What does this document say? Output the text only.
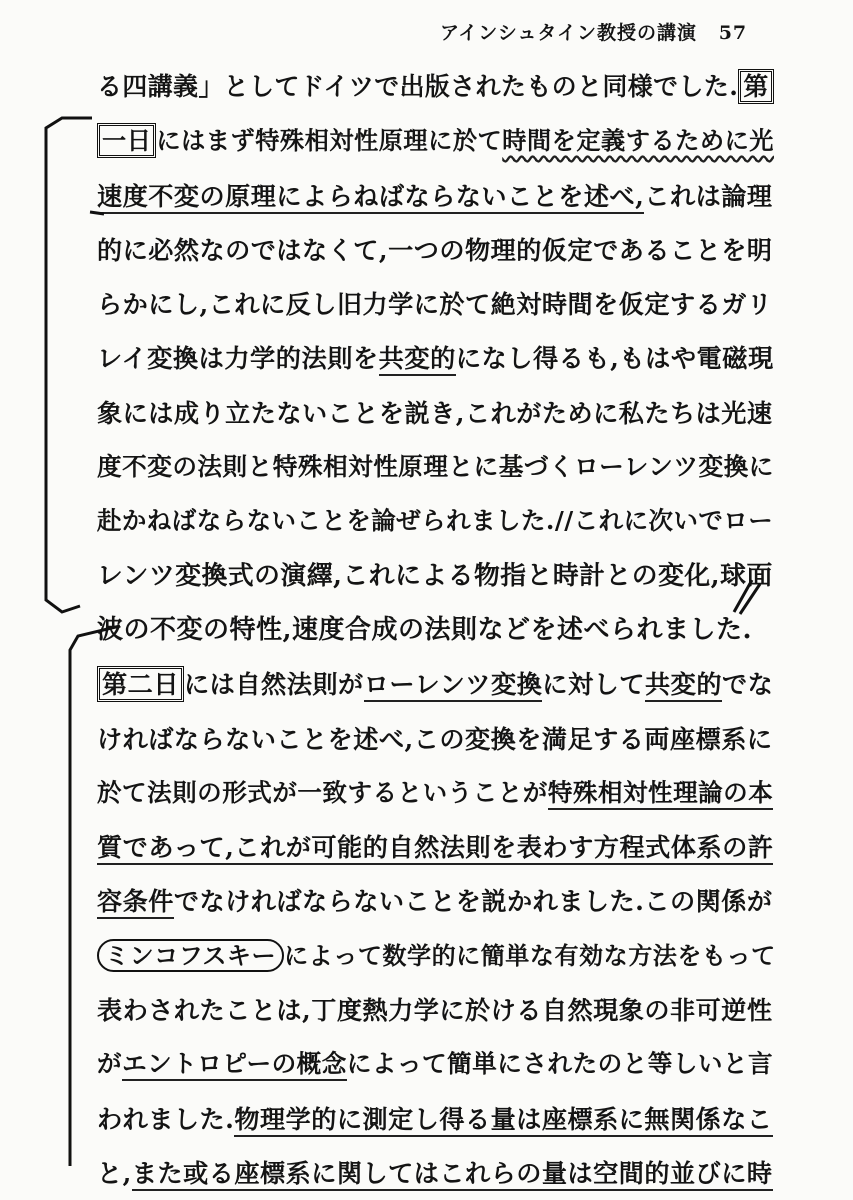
アインシュタイン教授の講演 57
る四講義」としてドイツで出版されたものと同様でした. 第
一日 にはまず特殊相対性原理に於て時間を定義するために光
速度不変の原理によらねばならないことを述べ,これは論理
的に必然なのではなくて,一つの物理的仮定であることを明
らかにし,これに反し旧力学に於て絶対時間を仮定するガリ
レイ変換は力学的法則を共変的になし得るも,もはや電磁現
象には成り立たないことを説き,これがために私たちは光速
度不変の法則と特殊相対性原理とに基づくローレンツ変換に
赴かねばならないことを論ぜられました.//これに次いでロー
レンツ変換式の演繹,これによる物指と時計との変化,球面
波の不変の特性,速度合成の法則などを述べられました.
第二日 には自然法則がローレンツ変換に対して共変的でな
ければならないことを述べ,この変換を満足する両座標系に
於て法則の形式が一致するということが特殊相対性理論の本
質であって,これが可能的自然法則を表わす方程式体系の許
容条件でなければならないことを説かれました.この関係が
ミンコフスキー によって数学的に簡単な有効な方法をもって
表わされたことは,丁度熱力学に於ける自然現象の非可逆性
がエントロピーの概念によって簡単にされたのと等しいと言
われました.物理学的に測定し得る量は座標系に無関係なこ
と,また或る座標系に関してはこれらの量は空間的並びに時
